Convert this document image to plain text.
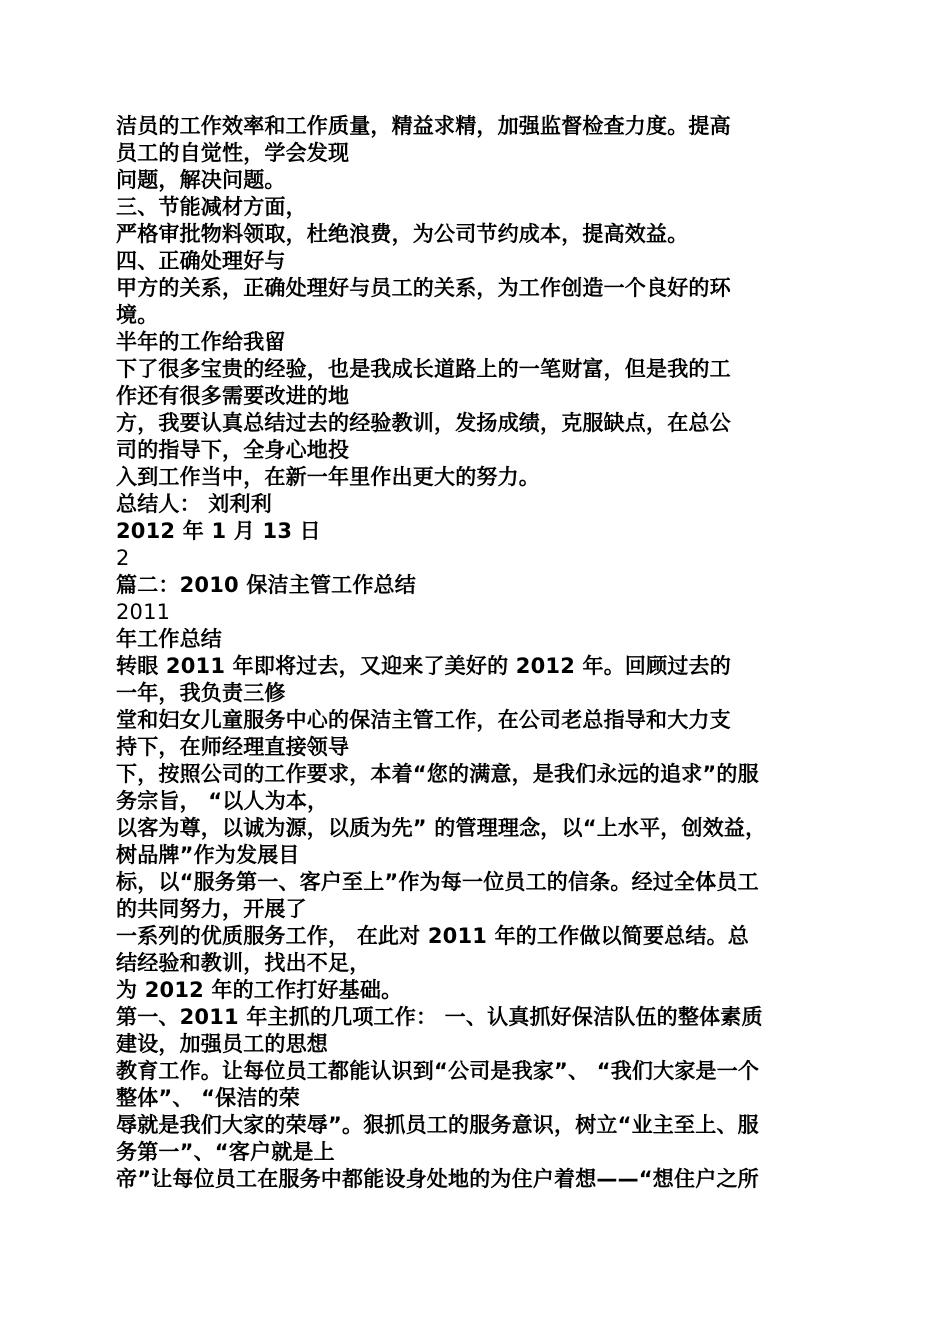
洁员的工作效率和工作质量，精益求精，加强监督检查力度。提高
员工的自觉性，学会发现
问题，解决问题。
三、节能减材方面，
严格审批物料领取，杜绝浪费，为公司节约成本，提高效益。
四、正确处理好与
甲方的关系，正确处理好与员工的关系，为工作创造一个良好的环
境。
半年的工作给我留
下了很多宝贵的经验，也是我成长道路上的一笔财富，但是我的工
作还有很多需要改进的地
方，我要认真总结过去的经验教训，发扬成绩，克服缺点，在总公
司的指导下，全身心地投
入到工作当中，在新一年里作出更大的努力。
总结人： 刘利利
2012 年 1 月 13 日
2
篇二：2010 保洁主管工作总结
2011
年工作总结
转眼 2011 年即将过去，又迎来了美好的 2012 年。回顾过去的
一年，我负责三修
堂和妇女儿童服务中心的保洁主管工作，在公司老总指导和大力支
持下，在师经理直接领导
下，按照公司的工作要求，本着“您的满意，是我们永远的追求”的服
务宗旨， “以人为本，
以客为尊，以诚为源，以质为先” 的管理理念，以“上水平，创效益，
树品牌”作为发展目
标，以“服务第一、客户至上”作为每一位员工的信条。经过全体员工
的共同努力，开展了
一系列的优质服务工作， 在此对 2011 年的工作做以简要总结。总
结经验和教训，找出不足，
为 2012 年的工作打好基础。
第一、2011 年主抓的几项工作： 一、认真抓好保洁队伍的整体素质
建设，加强员工的思想
教育工作。让每位员工都能认识到“公司是我家”、 “我们大家是一个
整体”、 “保洁的荣
辱就是我们大家的荣辱”。狠抓员工的服务意识，树立“业主至上、服
务第一”、“客户就是上
帝”让每位员工在服务中都能设身处地的为住户着想——“想住户之所
